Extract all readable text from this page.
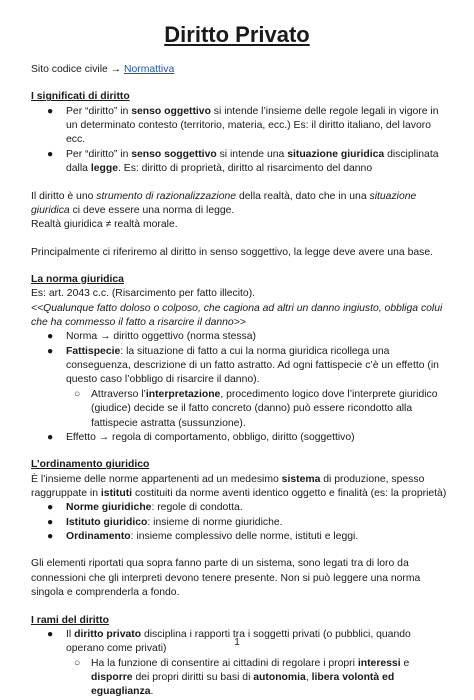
Diritto Privato

Sito codice civile → Normattiva

I significati di diritto

● Per “diritto” in senso oggettivo si intende l’insieme delle regole legali in vigore in un determinato contesto (territorio, materia, ecc.) Es: il diritto italiano, del lavoro ecc.
● Per “diritto” in senso soggettivo si intende una situazione giuridica disciplinata dalla legge. Es: diritto di proprietà, diritto al risarcimento del danno

Il diritto è uno strumento di razionalizzazione della realtà, dato che in una situazione giuridica ci deve essere una norma di legge.
Realtà giuridica ≠ realtà morale.

Principalmente ci riferiremo al diritto in senso soggettivo, la legge deve avere una base.

La norma giuridica

Es: art. 2043 c.c. (Risarcimento per fatto illecito).

<<Qualunque fatto doloso o colposo, che cagiona ad altri un danno ingiusto, obbliga colui che ha commesso il fatto a risarcire il danno>>

● Norma → diritto oggettivo (norma stessa)
● Fattispecie: la situazione di fatto a cui la norma giuridica ricollega una conseguenza, descrizione di un fatto astratto. Ad ogni fattispecie c’è un effetto (in questo caso l’obbligo di risarcire il danno).
○ Attraverso l’interpretazione, procedimento logico dove l’interprete giuridico (giudice) decide se il fatto concreto (danno) può essere ricondotto alla fattispecie astratta (sussunzione).
● Effetto → regola di comportamento, obbligo, diritto (soggettivo)

L’ordinamento giuridico

È l’insieme delle norme appartenenti ad un medesimo sistema di produzione, spesso raggruppate in istituti costituiti da norme aventi identico oggetto e finalità (es: la proprietà)

● Norme giuridiche: regole di condotta.
● Istituto giuridico: insieme di norme giuridiche.
● Ordinamento: insieme complessivo delle norme, istituti e leggi.

Gli elementi riportati qua sopra fanno parte di un sistema, sono legati tra di loro da connessioni che gli interpreti devono tenere presente. Non si può leggere una norma singola e comprenderla a fondo.

I rami del diritto

● Il diritto privato disciplina i rapporti tra i soggetti privati (o pubblici, quando operano come privati)
○ Ha la funzione di consentire ai cittadini di regolare i propri interessi e disporre dei propri diritti su basi di autonomia, libera volontà ed eguaglianza.
1
